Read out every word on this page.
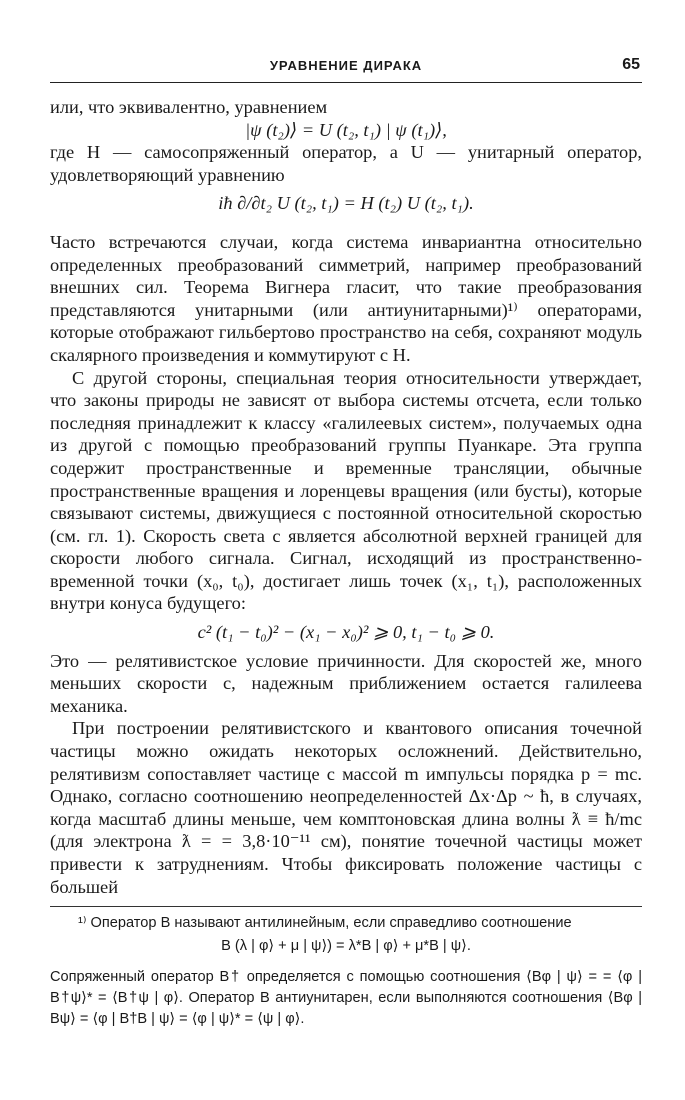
УРАВНЕНИЕ ДИРАКА	65

или, что эквивалентно, уравнением

|ψ (t₂)⟩ = U (t₂, t₁) | ψ (t₁)⟩,

где H — самосопряженный оператор, а U — унитарный оператор, удовлетворяющий уравнению

iħ ∂/∂t₂ U (t₂, t₁) = H (t₂) U (t₂, t₁).

Часто встречаются случаи, когда система инвариантна относительно определенных преобразований симметрий, например преобразований внешних сил. Теорема Вигнера гласит, что такие преобразования представляются унитарными (или антиунитарными)¹⁾ операторами, которые отображают гильбертово пространство на себя, сохраняют модуль скалярного произведения и коммутируют с H.

С другой стороны, специальная теория относительности утверждает, что законы природы не зависят от выбора системы отсчета, если только последняя принадлежит к классу «галилеевых систем», получаемых одна из другой с помощью преобразований группы Пуанкаре. Эта группа содержит пространственные и временные трансляции, обычные пространственные вращения и лоренцевы вращения (или бусты), которые связывают системы, движущиеся с постоянной относительной скоростью (см. гл. 1). Скорость света c является абсолютной верхней границей для скорости любого сигнала. Сигнал, исходящий из пространственно-временной точки (x₀, t₀), достигает лишь точек (x₁, t₁), расположенных внутри конуса будущего:

c² (t₁ − t₀)² − (x₁ − x₀)² ⩾ 0, t₁ − t₀ ⩾ 0.

Это — релятивистское условие причинности. Для скоростей же, много меньших скорости c, надежным приближением остается галилеева механика.

При построении релятивистского и квантового описания точечной частицы можно ожидать некоторых осложнений. Действительно, релятивизм сопоставляет частице с массой m импульсы порядка p = mc. Однако, согласно соотношению неопределенностей Δx·Δp ~ ħ, в случаях, когда масштаб длины меньше, чем комптоновская длина волны ƛ ≡ ħ/mc (для электрона ƛ = = 3,8·10⁻¹¹ см), понятие точечной частицы может привести к затруднениям. Чтобы фиксировать положение частицы с большей

¹⁾ Оператор B называют антилинейным, если справедливо соотношение

B (λ | φ⟩ + μ | ψ⟩) = λ*B | φ⟩ + μ*B | ψ⟩.

Сопряженный оператор B† определяется с помощью соотношения ⟨Bφ | ψ⟩ = = ⟨φ | B†ψ⟩* = ⟨B†ψ | φ⟩. Оператор B антиунитарен, если выполняются соотношения ⟨Bφ | Bψ⟩ = ⟨φ | B†B | ψ⟩ = ⟨φ | ψ⟩* = ⟨ψ | φ⟩.
